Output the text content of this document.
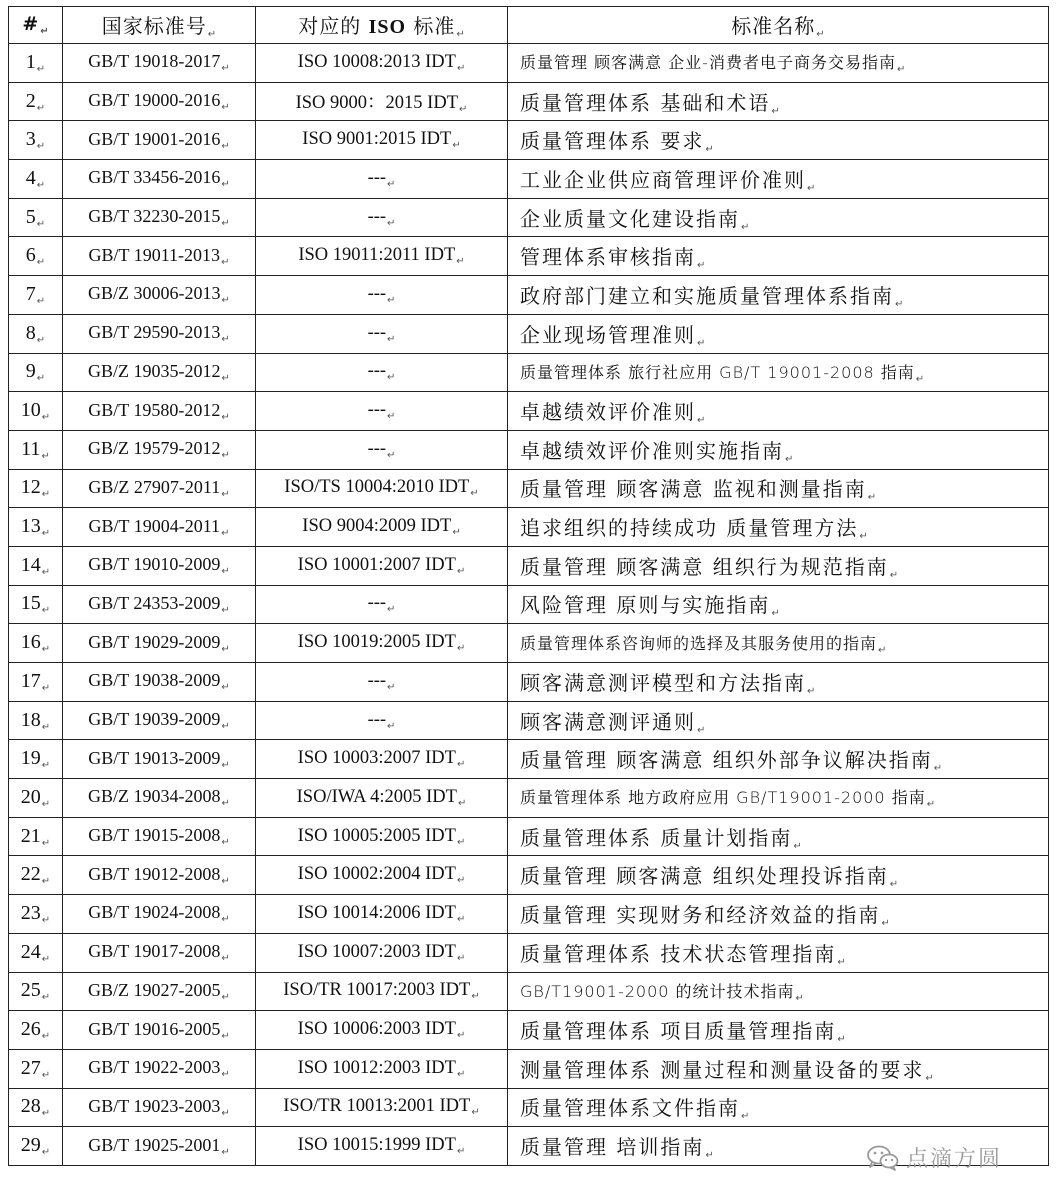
$\#_↵$	国家标准号$_↵$	对应的 ISO 标准$_↵$	标准名称$_↵$
$1_↵$	GB/T $19018-2017_↵$	ISO 10008:2013 $IDT_↵$	质量管理 顾客满意 企业-消费者电子商务交易指南$_↵$
$2_↵$	GB/T $19000-2016_↵$	ISO 9000：2015 $IDT_↵$	质量管理体系 基础和术语$_↵$
$3_↵$	GB/T $19001-2016_↵$	ISO 9001:2015 $IDT_↵$	质量管理体系 要求$_↵$
$4_↵$	GB/T $33456-2016_↵$	$---_↵$	工业企业供应商管理评价准则$_↵$
$5_↵$	GB/T $32230-2015_↵$	$---_↵$	企业质量文化建设指南$_↵$
$6_↵$	GB/T $19011-2013_↵$	ISO 19011:2011 $IDT_↵$	管理体系审核指南$_↵$
$7_↵$	GB/Z $30006-2013_↵$	$---_↵$	政府部门建立和实施质量管理体系指南$_↵$
$8_↵$	GB/T $29590-2013_↵$	$---_↵$	企业现场管理准则$_↵$
$9_↵$	GB/Z $19035-2012_↵$	$---_↵$	质量管理体系 旅行社应用 GB/T 19001-2008 指南$_↵$
$10_↵$	GB/T $19580-2012_↵$	$---_↵$	卓越绩效评价准则$_↵$
$11_↵$	GB/Z $19579-2012_↵$	$---_↵$	卓越绩效评价准则实施指南$_↵$
$12_↵$	GB/Z $27907-2011_↵$	ISO/TS 10004:2010 $IDT_↵$	质量管理 顾客满意 监视和测量指南$_↵$
$13_↵$	GB/T $19004-2011_↵$	ISO 9004:2009 $IDT_↵$	追求组织的持续成功 质量管理方法$_↵$
$14_↵$	GB/T $19010-2009_↵$	ISO 10001:2007 $IDT_↵$	质量管理 顾客满意 组织行为规范指南$_↵$
$15_↵$	GB/T $24353-2009_↵$	$---_↵$	风险管理 原则与实施指南$_↵$
$16_↵$	GB/T $19029-2009_↵$	ISO 10019:2005 $IDT_↵$	质量管理体系咨询师的选择及其服务使用的指南$_↵$
$17_↵$	GB/T $19038-2009_↵$	$---_↵$	顾客满意测评模型和方法指南$_↵$
$18_↵$	GB/T $19039-2009_↵$	$---_↵$	顾客满意测评通则$_↵$
$19_↵$	GB/T $19013-2009_↵$	ISO 10003:2007 $IDT_↵$	质量管理 顾客满意 组织外部争议解决指南$_↵$
$20_↵$	GB/Z $19034-2008_↵$	ISO/IWA 4:2005 $IDT_↵$	质量管理体系 地方政府应用 GB/T19001-2000 指南$_↵$
$21_↵$	GB/T $19015-2008_↵$	ISO 10005:2005 $IDT_↵$	质量管理体系 质量计划指南$_↵$
$22_↵$	GB/T $19012-2008_↵$	ISO 10002:2004 $IDT_↵$	质量管理 顾客满意 组织处理投诉指南$_↵$
$23_↵$	GB/T $19024-2008_↵$	ISO 10014:2006 $IDT_↵$	质量管理 实现财务和经济效益的指南$_↵$
$24_↵$	GB/T $19017-2008_↵$	ISO 10007:2003 $IDT_↵$	质量管理体系 技术状态管理指南$_↵$
$25_↵$	GB/Z $19027-2005_↵$	ISO/TR 10017:2003 $IDT_↵$	GB/T19001-2000 的统计技术指南$_↵$
$26_↵$	GB/T $19016-2005_↵$	ISO 10006:2003 $IDT_↵$	质量管理体系 项目质量管理指南$_↵$
$27_↵$	GB/T $19022-2003_↵$	ISO 10012:2003 $IDT_↵$	测量管理体系 测量过程和测量设备的要求$_↵$
$28_↵$	GB/T $19023-2003_↵$	ISO/TR 10013:2001 $IDT_↵$	质量管理体系文件指南$_↵$
$29_↵$	GB/T $19025-2001_↵$	ISO 10015:1999 $IDT_↵$	质量管理 培训指南$_↵$	点滴方圆
